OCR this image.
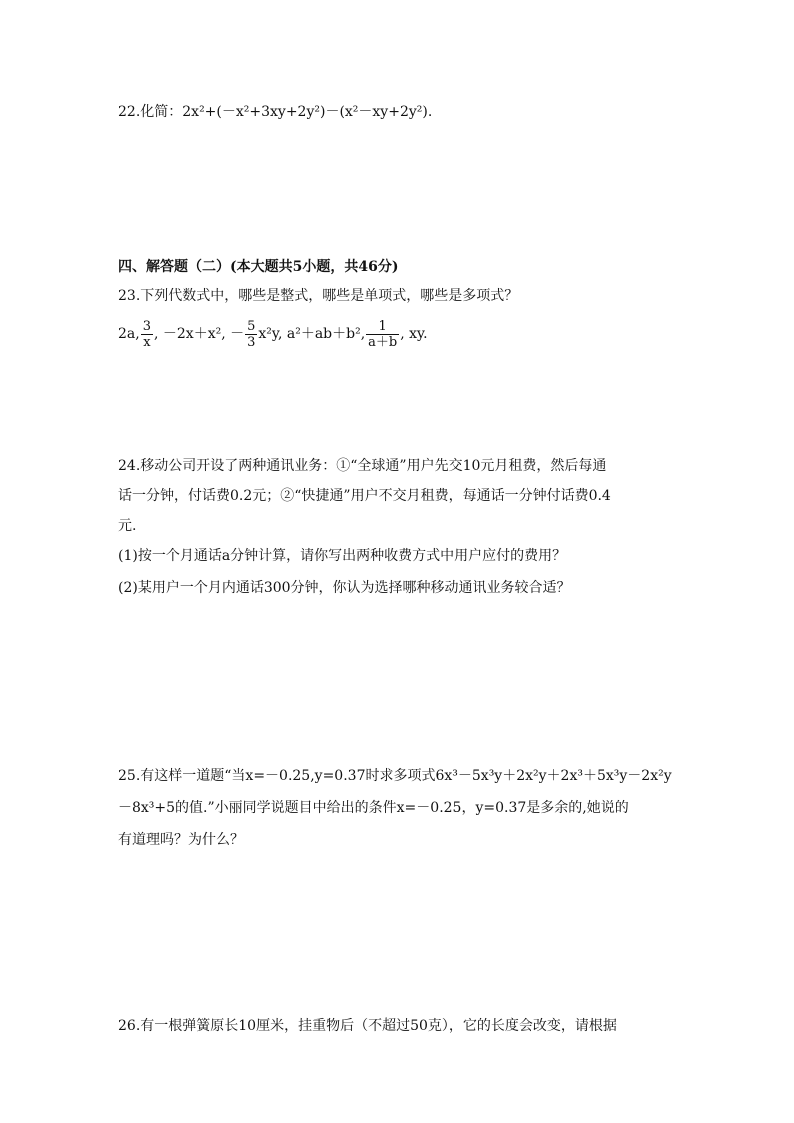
22.化简：2x²+(－x²+3xy+2y²)－(x²－xy+2y²).
四、解答题（二）(本大题共5小题，共46分)
23.下列代数式中，哪些是整式，哪些是单项式，哪些是多项式？
2a, $\frac{3}{x}$ , －2x＋x², － $\frac{5}{3} x^2y$, a²＋ab＋b², $\frac{1}{a+b}$ , xy.
24.移动公司开设了两种通讯业务：①“全球通”用户先交10元月租费，然后每通
话一分钟，付话费0.2元；②“快捷通”用户不交月租费，每通话一分钟付话费0.4
元.
(1)按一个月通话a分钟计算，请你写出两种收费方式中用户应付的费用？
(2)某用户一个月内通话300分钟，你认为选择哪种移动通讯业务较合适？
25.有这样一道题“当x=－0.25,y=0.37时求多项式6x³－5x³y＋2x²y＋2x³＋5x³y－2x²y
－8x³+5的值.”小丽同学说题目中给出的条件x=－0.25，y=0.37是多余的,她说的
有道理吗？为什么？
26.有一根弹簧原长10厘米，挂重物后（不超过50克），它的长度会改变，请根据
